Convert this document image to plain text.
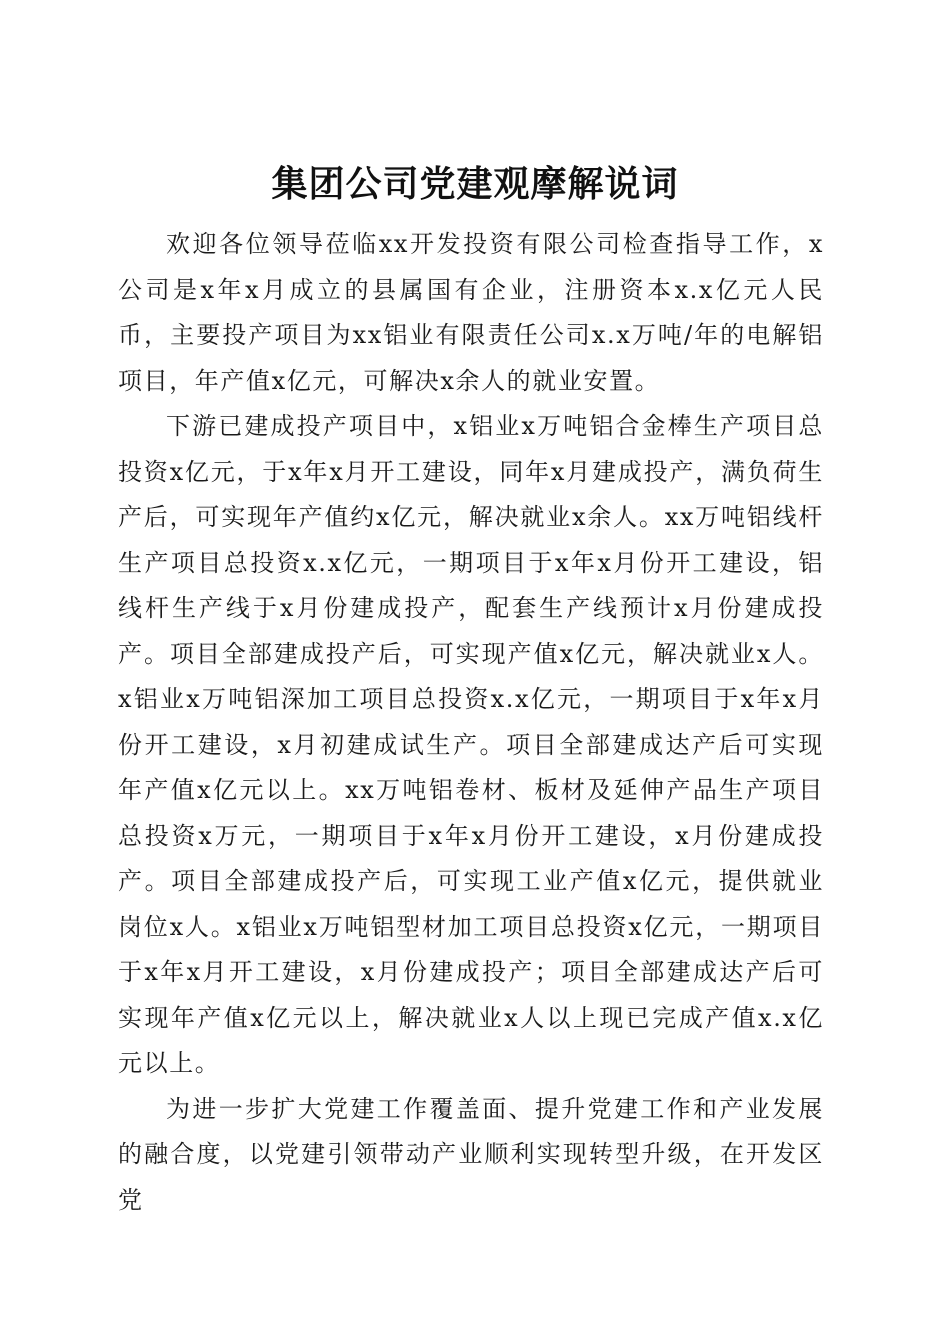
集团公司党建观摩解说词

欢迎各位领导莅临xx开发投资有限公司检查指导工作，x公司是x年x月成立的县属国有企业，注册资本x.x亿元人民币，主要投产项目为xx铝业有限责任公司x.x万吨/年的电解铝项目，年产值x亿元，可解决x余人的就业安置。

下游已建成投产项目中，x铝业x万吨铝合金棒生产项目总投资x亿元，于x年x月开工建设，同年x月建成投产，满负荷生产后，可实现年产值约x亿元，解决就业x余人。xx万吨铝线杆生产项目总投资x.x亿元，一期项目于x年x月份开工建设，铝线杆生产线于x月份建成投产，配套生产线预计x月份建成投产。项目全部建成投产后，可实现产值x亿元，解决就业x人。x铝业x万吨铝深加工项目总投资x.x亿元，一期项目于x年x月份开工建设，x月初建成试生产。项目全部建成达产后可实现年产值x亿元以上。xx万吨铝卷材、板材及延伸产品生产项目总投资x万元，一期项目于x年x月份开工建设，x月份建成投产。项目全部建成投产后，可实现工业产值x亿元，提供就业岗位x人。x铝业x万吨铝型材加工项目总投资x亿元，一期项目于x年x月开工建设，x月份建成投产；项目全部建成达产后可实现年产值x亿元以上，解决就业x人以上现已完成产值x.x亿元以上。

为进一步扩大党建工作覆盖面、提升党建工作和产业发展的融合度，以党建引领带动产业顺利实现转型升级，在开发区党
